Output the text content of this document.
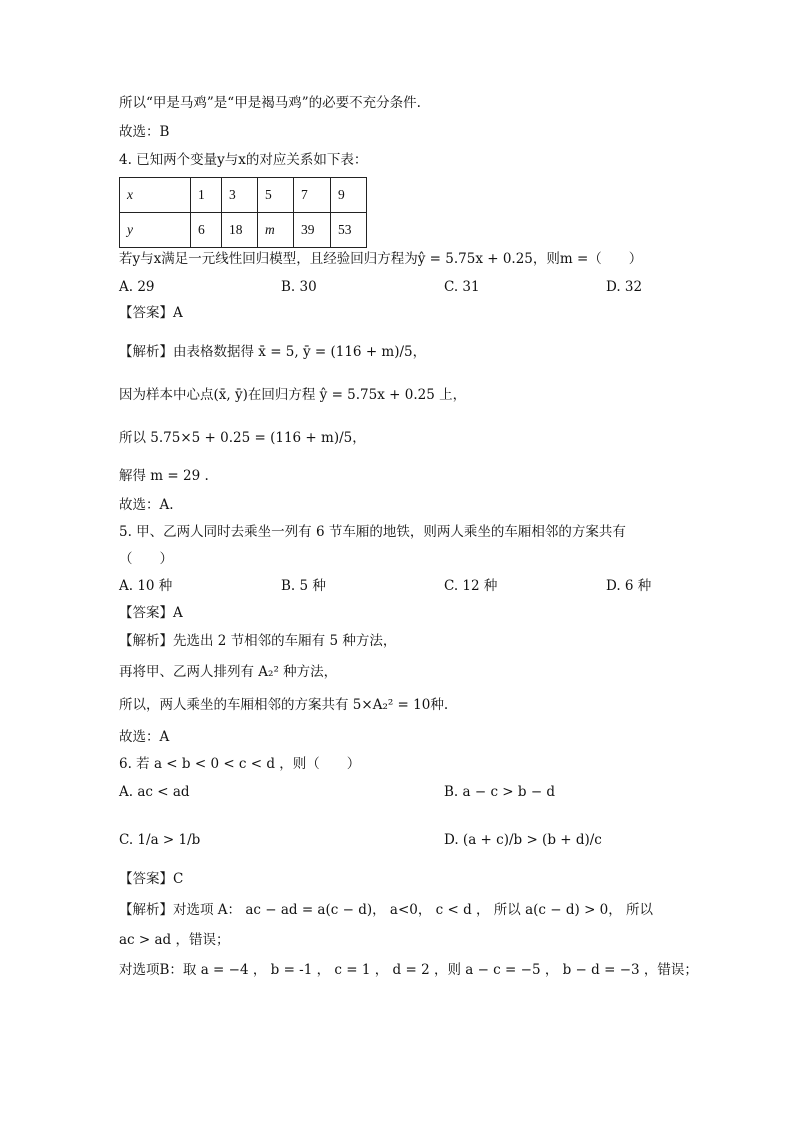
所以“甲是马鸡”是“甲是褐马鸡”的必要不充分条件.
故选：B
4. 已知两个变量y与x的对应关系如下表：
x	1	3	5	7	9
y	6	18	m	39	53
若y与x满足一元线性回归模型，且经验回归方程为ŷ = 5.75x + 0.25，则m =（　　）
A. 29	B. 30	C. 31	D. 32
【答案】A
【解析】由表格数据得 x̄ = 5, ȳ = (116 + m)/5，
因为样本中心点(x̄, ȳ)在回归方程 ŷ = 5.75x + 0.25 上，
所以 5.75×5 + 0.25 = (116 + m)/5，
解得 m = 29 .
故选：A.
5. 甲、乙两人同时去乘坐一列有 6 节车厢的地铁，则两人乘坐的车厢相邻的方案共有
（　　）
A. 10 种	B. 5 种	C. 12 种	D. 6 种
【答案】A
【解析】先选出 2 节相邻的车厢有 5 种方法，
再将甲、乙两人排列有 A₂² 种方法，
所以，两人乘坐的车厢相邻的方案共有 5×A₂² = 10种.
故选：A
6. 若 a < b < 0 < c < d ，则（　　）
A. ac < ad	B. a − c > b − d
C. 1/a > 1/b	D. (a + c)/b > (b + d)/c
【答案】C
【解析】对选项 A： ac − ad = a(c − d)， a<0， c < d ， 所以 a(c − d) > 0， 所以
ac > ad ，错误；
对选项B：取 a = −4 ， b = -1 ， c = 1 ， d = 2 ，则 a − c = −5 ， b − d = −3 ，错误；
